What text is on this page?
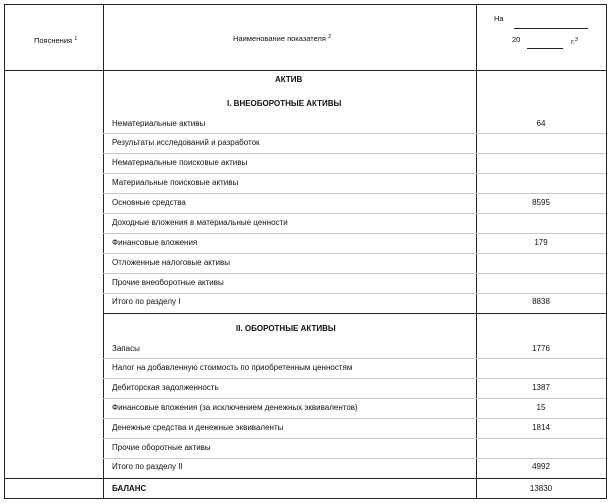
Пояснения $^1$	Наименование показателя $^2$
На
20	г.$^3$
АКТИВ
I. ВНЕОБОРОТНЫЕ АКТИВЫ
Нематериальные активы	64
Результаты исследований и разработок
Нематериальные поисковые активы
Материальные поисковые активы
Основные средства	8595
Доходные вложения в материальные ценности
Финансовые вложения	179
Отложенные налоговые активы
Прочие внеоборотные активы
Итого по разделу I	8838
II. ОБОРОТНЫЕ АКТИВЫ
Запасы	1776
Налог на добавленную стоимость по приобретенным ценностям
Дебиторская задолженность	1387
Финансовые вложения (за исключением денежных эквивалентов)	15
Денежные средства и денежные эквиваленты	1814
Прочие оборотные активы
Итого по разделу II	4992
БАЛАНС	13830
